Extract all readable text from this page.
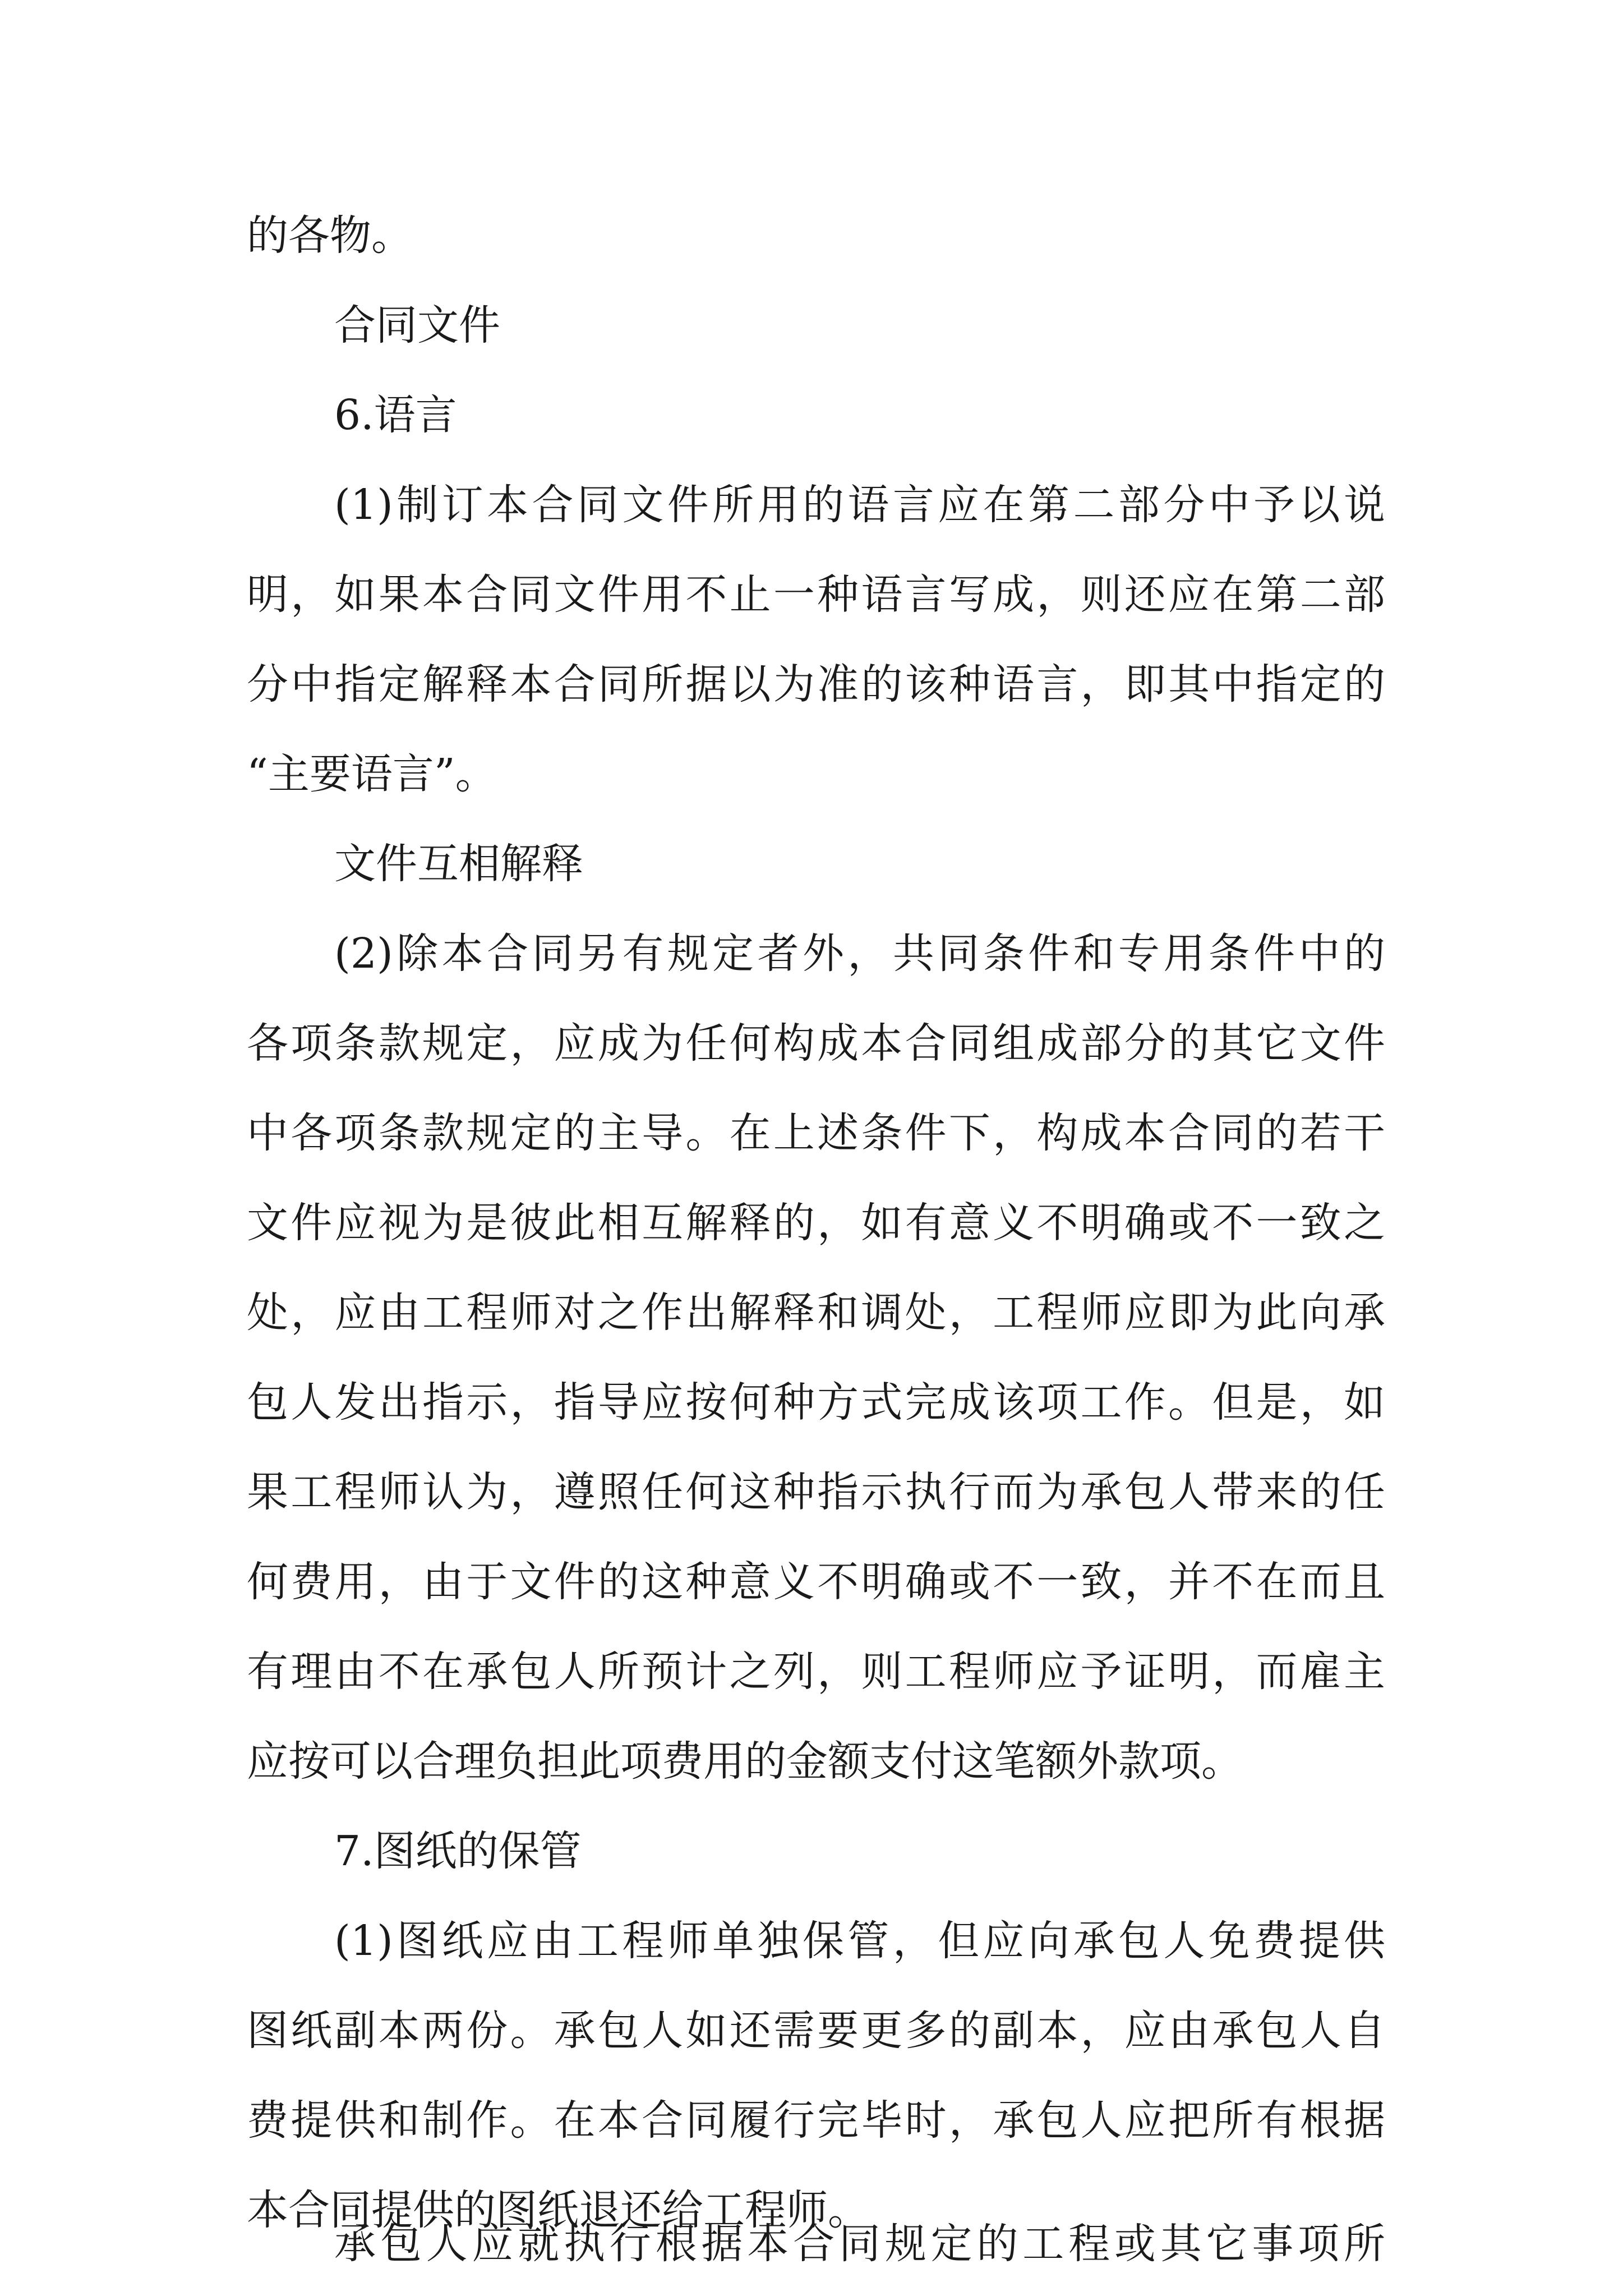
的各物。

合同文件

6.语言

(1)制订本合同文件所用的语言应在第二部分中予以说

明，如果本合同文件用不止一种语言写成，则还应在第二部

分中指定解释本合同所据以为准的该种语言，即其中指定的

“主要语言”。

文件互相解释

(2)除本合同另有规定者外，共同条件和专用条件中的

各项条款规定，应成为任何构成本合同组成部分的其它文件

中各项条款规定的主导。在上述条件下，构成本合同的若干

文件应视为是彼此相互解释的，如有意义不明确或不一致之

处，应由工程师对之作出解释和调处，工程师应即为此向承

包人发出指示，指导应按何种方式完成该项工作。但是，如

果工程师认为，遵照任何这种指示执行而为承包人带来的任

何费用，由于文件的这种意义不明确或不一致，并不在而且

有理由不在承包人所预计之列，则工程师应予证明，而雇主

应按可以合理负担此项费用的金额支付这笔额外款项。

7.图纸的保管

(1)图纸应由工程师单独保管，但应向承包人免费提供

图纸副本两份。承包人如还需要更多的副本，应由承包人自

费提供和制作。在本合同履行完毕时，承包人应把所有根据

本合同提供的图纸退还给工程师。

承包人应就执行根据本合同规定的工程或其它事项所
